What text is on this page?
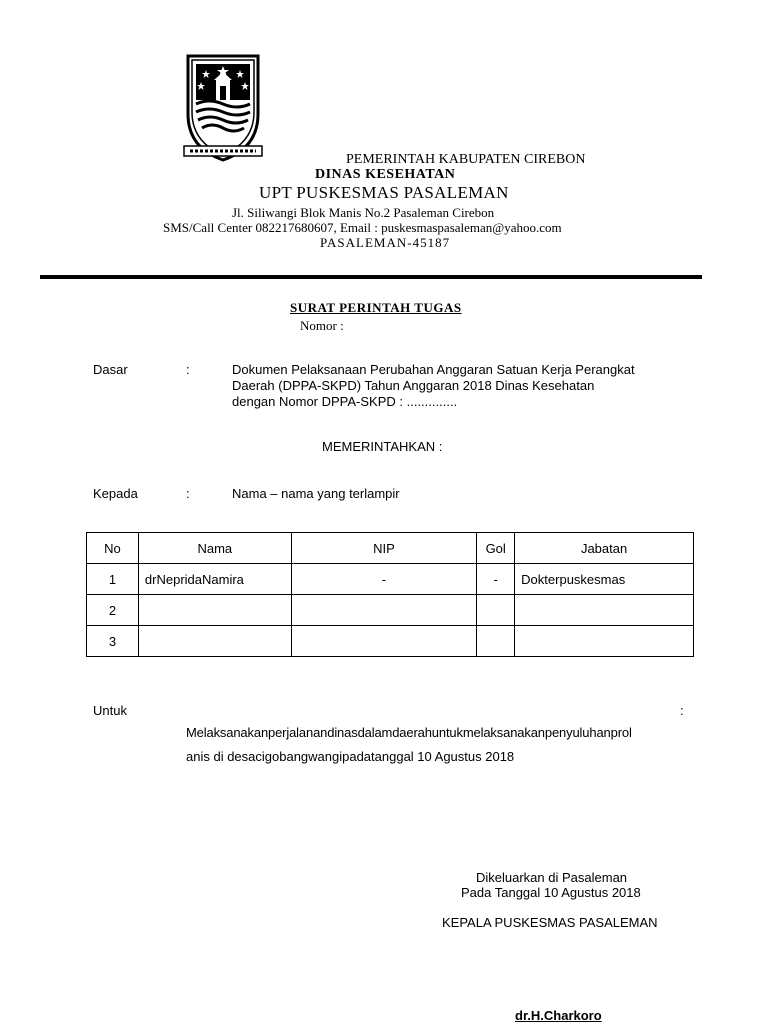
PEMERINTAH KABUPATEN CIREBON
DINAS KESEHATAN
UPT PUSKESMAS PASALEMAN
Jl. Siliwangi Blok Manis No.2 Pasaleman Cirebon
SMS/Call Center 082217680607, Email : puskesmaspasaleman@yahoo.com
PASALEMAN-45187
SURAT PERINTAH TUGAS
Nomor :
Dasar	:	Dokumen Pelaksanaan Perubahan Anggaran Satuan Kerja Perangkat
Daerah (DPPA-SKPD) Tahun Anggaran 2018 Dinas Kesehatan
dengan Nomor DPPA-SKPD : ..............
MEMERINTAHKAN :
Kepada	:	Nama – nama yang terlampir
No	Nama	NIP	Gol	Jabatan
1	drNepridaNamira	-	-	Dokterpuskesmas
2				
3				
Untuk	:
Melaksanakanperjalanandinasdalamdaerahuntukmelaksanakanpenyuluhanprol
anis di desacigobangwangipadatanggal 10 Agustus 2018
Dikeluarkan di Pasaleman
Pada Tanggal 10 Agustus 2018
KEPALA PUSKESMAS PASALEMAN
dr.H.Charkoro
